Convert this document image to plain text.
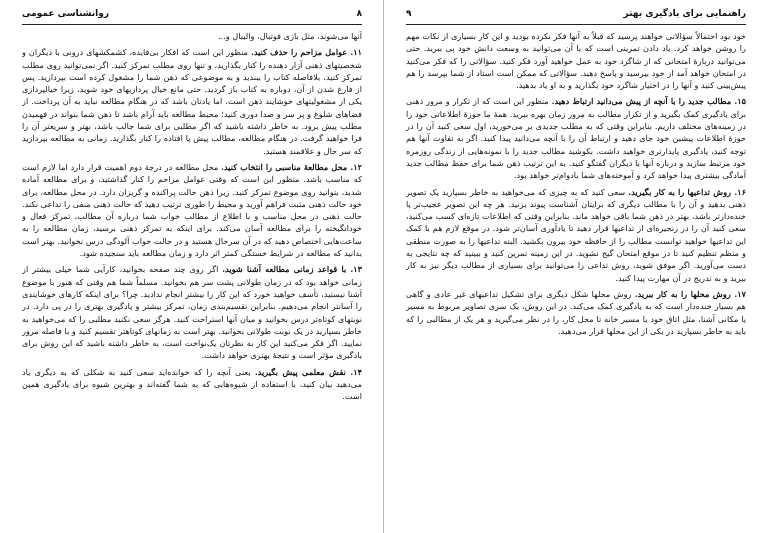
روانشناسی عمومی	۸

آنها می‌شوند، مثل بازی فوتبال، والیبال و...

۱۱. عوامل مزاحم را حذف کنید. منظور این است که افکار بی‌فایده، کشمکشهای درونی با دیگران و شخصیتهای ذهنی آزار دهنده را کنار بگذارید، و تنها روی مطلب تمرکز کنید. اگر نمی‌توانید روی مطلب تمرکز کنید، بلافاصله کتاب را ببندید و به موضوعی که ذهن شما را مشغول کرده است بپردازید. پس از فارغ شدن از آن، دوباره به کتاب باز گردید. حتی مانع خیال پردازیهای خود شوید، زیرا خیالپردازی یکی از مشغولیتهای خوشایند ذهن است. اما یادتان باشد که در هنگام مطالعه نباید به آن پرداخت. از فضاهای شلوغ و پر سر و صدا دوری کنید؛ محیط مطالعه باید آرام باشد تا ذهن شما بتواند در فهمیدن مطلب پیش برود. به خاطر داشته باشید که اگر مطلبی برای شما جالب باشد، بهتر و سریعتر آن را فرا خواهید گرفت. در هنگام مطالعه، مطالب پیش پا افتاده را کنار بگذارید. زمانی به مطالعه بپردازید که سر حال و علاقمند هستید.

۱۲. محل مطالعهٔ مناسبی را انتخاب کنید. محل مطالعه در درجهٔ دوم اهمیت قرار دارد اما لازم است که مناسب باشد. منظور این است که وقتی عوامل مزاحم را کنار گذاشتید، و برای مطالعه آماده شدید، بتوانید روی موضوع تمرکز کنید. زیرا ذهن حالت پراکنده و گریزان دارد. در محل مطالعه، برای خود حالت ذهنی مثبت فراهم آورید و محیط را طوری ترتیب دهید که حالت ذهنی منفی را تداعی نکند. حالت ذهنی در محل مناسب و با اطلاع از مطالب خواب شما درباره آن مطالب، تمرکز فعال و خودانگیخته را برای مطالعه آسان می‌کند. برای اینکه به تمرکز ذهنی برسید، زمان مطالعه را به ساعت‌هایی اختصاص دهید که در آن سرحال هستید و در حالت خواب آلودگی درس نخوانید. بهتر است بدانید که مطالعه در شرایط خستگی کمتر اثر دارد و زمان مطالعه باید سنجیده شود.

۱۳. با قواعد زمانی مطالعه آشنا شوید. اگر روی چند صفحه بخوانید، کارآیی شما خیلی بیشتر از زمانی خواهد بود که در زمان طولانی پشت سر هم بخوانید. مسلماً شما هم وقتی که هنوز با موضوع آشنا نیستید، تأسف خواهید خورد که این کار را بیشتر انجام ندادید. چرا؟ برای اینکه کارهای خوشایندی را آسانتر انجام می‌دهیم. بنابراین تقسیم‌بندی زمان، تمرکز بیشتر و یادگیری بهتری را در پی دارد. در نوبتهای کوتاه‌تر درس بخوانید و میان آنها استراحت کنید. هرگز سعی نکنید مطلبی را که می‌خواهید به خاطر بسپارید در یک نوبت طولانی بخوانید. بهتر است به زمانهای کوتاهتر تقسیم کنید و با فاصله مرور نمایید. اگر فکر می‌کنید این کار به نظرتان یک‌نواخت است، به خاطر داشته باشید که این روش برای یادگیری مؤثر است و نتیجهٔ بهتری خواهد داشت.

۱۴. نقش معلمی پیش بگیرید. یعنی آنچه را که خوانده‌اید سعی کنید به شکلی که به دیگری یاد می‌دهید بیان کنید، با استفاده از شیوه‌هایی که به شما گفته‌اند و بهترین شیوه برای یادگیری همین است.

۹	راهنمایی برای یادگیری بهتر

خود بود احتمالاً سؤالاتی خواهند پرسید که قبلاً به آنها فکر نکرده بودید و این کار بسیاری از نکات مهم را روشن خواهد کرد. یاد دادن تمرینی است که با آن می‌توانید به وسعت دانش خود پی ببرید. حتی می‌توانید دربارهٔ امتحانی که از شاگرد خود به عمل خواهید آورد فکر کنید. سؤالاتی را که فکر می‌کنید در امتحان خواهد آمد از خود بپرسید و پاسخ دهید. سؤالاتی که ممکن است استاد از شما بپرسد را هم پیش‌بینی کنید و آنها را در اختیار شاگرد خود بگذارید و به او یاد بدهید.

۱۵. مطالب جدید را با آنچه از پیش می‌دانید ارتباط دهید. منظور این است که از تکرار و مرور ذهنی برای یادگیری کمک بگیرید و از تکرار مطالب به مرور زمان بهره ببرید. همهٔ ما حوزهٔ اطلاعاتی خود را در زمینه‌های مختلف داریم. بنابراین وقتی که به مطلب جدیدی بر می‌خورید، اول سعی کنید آن را در حوزهٔ اطلاعات پیشین خود جای دهید و ارتباط آن را با آنچه می‌دانید پیدا کنید. اگر به تفاوت آنها هم توجه کنید، یادگیری پایدارتری خواهید داشت. بکوشید مطالب جدید را با نمونه‌هایی از زندگی روزمره خود مرتبط سازید و درباره آنها با دیگران گفتگو کنید. به این ترتیب ذهن شما برای حفظ مطالب جدید آمادگی بیشتری پیدا خواهد کرد و آموخته‌های شما بادوام‌تر خواهد بود.

۱۶. روش تداعیها را به کار بگیرید. سعی کنید که به چیزی که می‌خواهید به خاطر بسپارید یک تصویر ذهنی بدهید و آن را با مطالب دیگری که برایتان آشناست پیوند بزنید. هر چه این تصویر عجیب‌تر یا خنده‌دارتر باشد، بهتر در ذهن شما باقی خواهد ماند. بنابراین وقتی که اطلاعات تازه‌ای کسب می‌کنید، سعی کنید آن را در زنجیره‌ای از تداعیها قرار دهید تا یادآوری آسان‌تر شود. در موقع لازم هم با کمک این تداعیها خواهید توانست مطالب را از حافظه خود بیرون بکشید. البته تداعیها را به صورت منطقی و منظم تنظیم کنید تا در موقع امتحان گیج نشوید. در این زمینه تمرین کنید و ببینید که چه نتایجی به دست می‌آورید. اگر موفق شوید، روش تداعی را می‌توانید برای بسیاری از مطالب دیگر نیز به کار ببرید و به تدریج در آن مهارت پیدا کنید.

۱۷. روش محلها را به کار ببرید. روش محلها شکل دیگری برای تشکیل تداعیهای غیر عادی و گاهی هم بسیار خنده‌دار است که به یادگیری کمک می‌کند. در این روش، یک سری تصاویر مربوط به مسیر یا مکانی آشنا، مثل اتاق خود یا مسیر خانه تا محل کار، را در نظر می‌گیرید و هر یک از مطالبی را که باید به خاطر بسپارید در یکی از این محلها قرار می‌دهید.
